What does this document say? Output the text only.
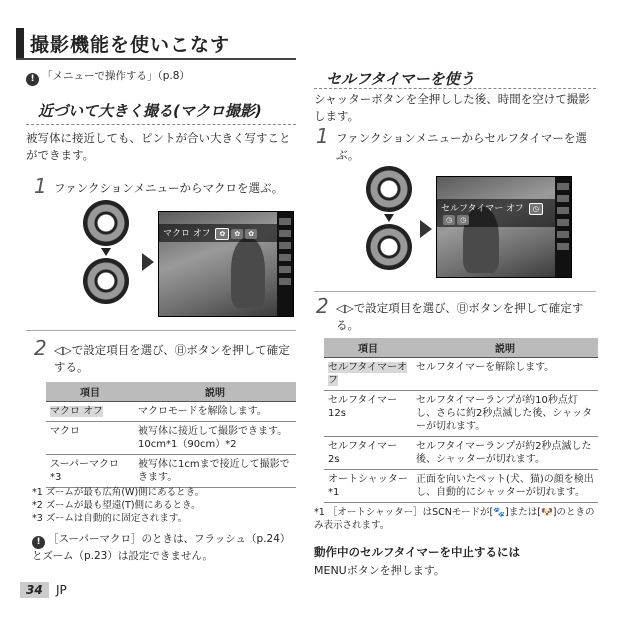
撮影機能を使いこなす
! 「メニューで操作する」（p.8）
近づいて大きく撮る(マクロ撮影)
被写体に接近しても、ピントが合い大きく写すことができます。
1 ファンクションメニューからマクロを選ぶ。
マクロ オフ ✿ ✿ ✿
2 ◁▷で設定項目を選び、㊐ボタンを押して確定する。
項目	説明
マクロ オフ	マクロモードを解除します。
マクロ	被写体に接近して撮影できます。10cm*1（90cm）*2
スーパーマクロ*3	被写体に1cmまで接近して撮影できます。
*1 ズームが最も広角(W)側にあるとき。
*2 ズームが最も望遠(T)側にあるとき。
*3 ズームは自動的に固定されます。
! ［スーパーマクロ］のときは、フラッシュ（p.24）とズーム（p.23）は設定できません。
セルフタイマーを使う
シャッターボタンを全押しした後、時間を空けて撮影します。
1 ファンクションメニューからセルフタイマーを選ぶ。
セルフタイマー オフ ◷◷ ◷
2 ◁▷で設定項目を選び、㊐ボタンを押して確定する。
項目	説明
セルフタイマーオフ	セルフタイマーを解除します。
セルフタイマー12s	セルフタイマーランプが約10秒点灯し、さらに約2秒点滅した後、シャッターが切れます。
セルフタイマー2s	セルフタイマーランプが約2秒点滅した後、シャッターが切れます。
オートシャッター*1	正面を向いたペット(犬、猫)の顔を検出し、自動的にシャッターが切れます。
*1 ［オートシャッター］はSCNモードが[🐾]または[🐶]のときのみ表示されます。
動作中のセルフタイマーを中止するには
MENUボタンを押します。
34	JP
